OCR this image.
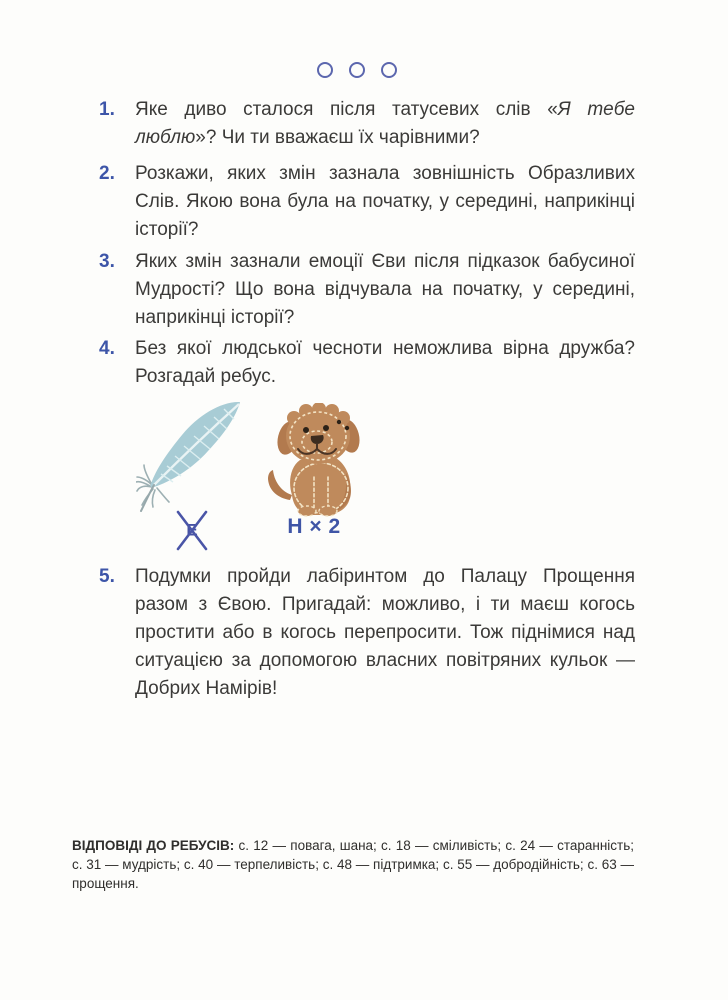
1.	Яке диво сталося після татусевих слів «Я тебе люблю»? Чи ти вважаєш їх чарівними?
2.	Розкажи, яких змін зазнала зовнішність Образливих Слів. Якою вона була на початку, у середині, наприкінці історії?
3.	Яких змін зазнали емоції Єви після підказок бабусиної Мудрості? Що вона відчувала на початку, у середині, наприкінці історії?
4.	Без якої людської чесноти неможлива вірна дружба? Розгадай ребус.
Е	Н × 2
5.	Подумки пройди лабіринтом до Палацу Прощення разом з Євою. Пригадай: можливо, і ти маєш когось простити або в когось перепросити. Тож піднімися над ситуацією за допомогою власних повітряних кульок — Добрих Намірів!
ВІДПОВІДІ ДО РЕБУСІВ: с. 12 — повага, шана; с. 18 — сміливість; с. 24 — старанність; с. 31 — мудрість; с. 40 — терпеливість; с. 48 — підтримка; с. 55 — добродійність; с. 63 — прощення.
